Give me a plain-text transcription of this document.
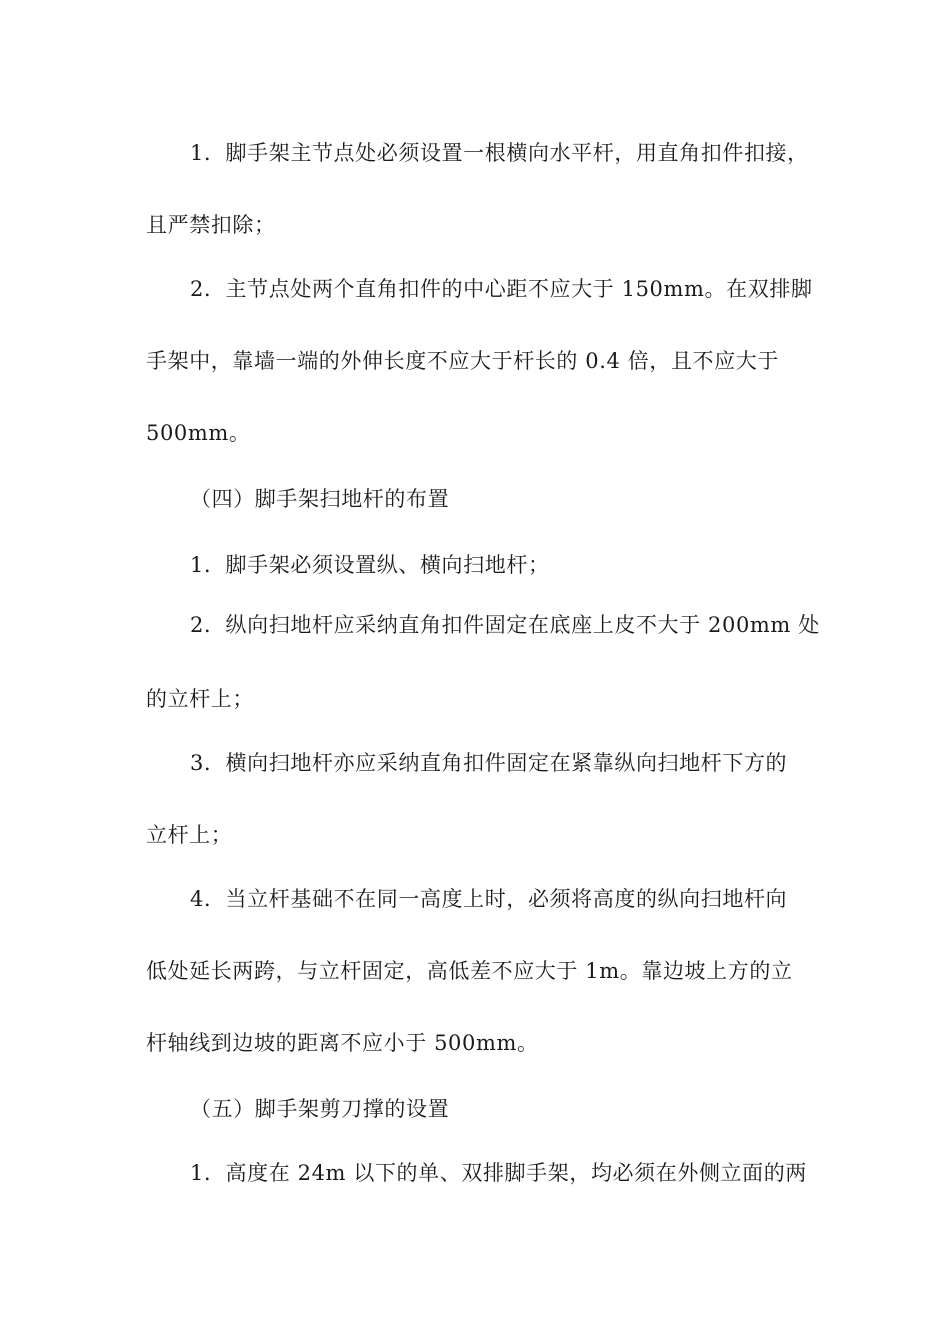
1．脚手架主节点处必须设置一根横向水平杆，用直角扣件扣接，
且严禁扣除；
2．主节点处两个直角扣件的中心距不应大于 150mm。在双排脚
手架中，靠墙一端的外伸长度不应大于杆长的 0.4 倍，且不应大于
500mm。
（四）脚手架扫地杆的布置
1．脚手架必须设置纵、横向扫地杆；
2．纵向扫地杆应采纳直角扣件固定在底座上皮不大于 200mm 处
的立杆上；
3．横向扫地杆亦应采纳直角扣件固定在紧靠纵向扫地杆下方的
立杆上；
4．当立杆基础不在同一高度上时，必须将高度的纵向扫地杆向
低处延长两跨，与立杆固定，高低差不应大于 1m。靠边坡上方的立
杆轴线到边坡的距离不应小于 500mm。
（五）脚手架剪刀撑的设置
1．高度在 24m 以下的单、双排脚手架，均必须在外侧立面的两
